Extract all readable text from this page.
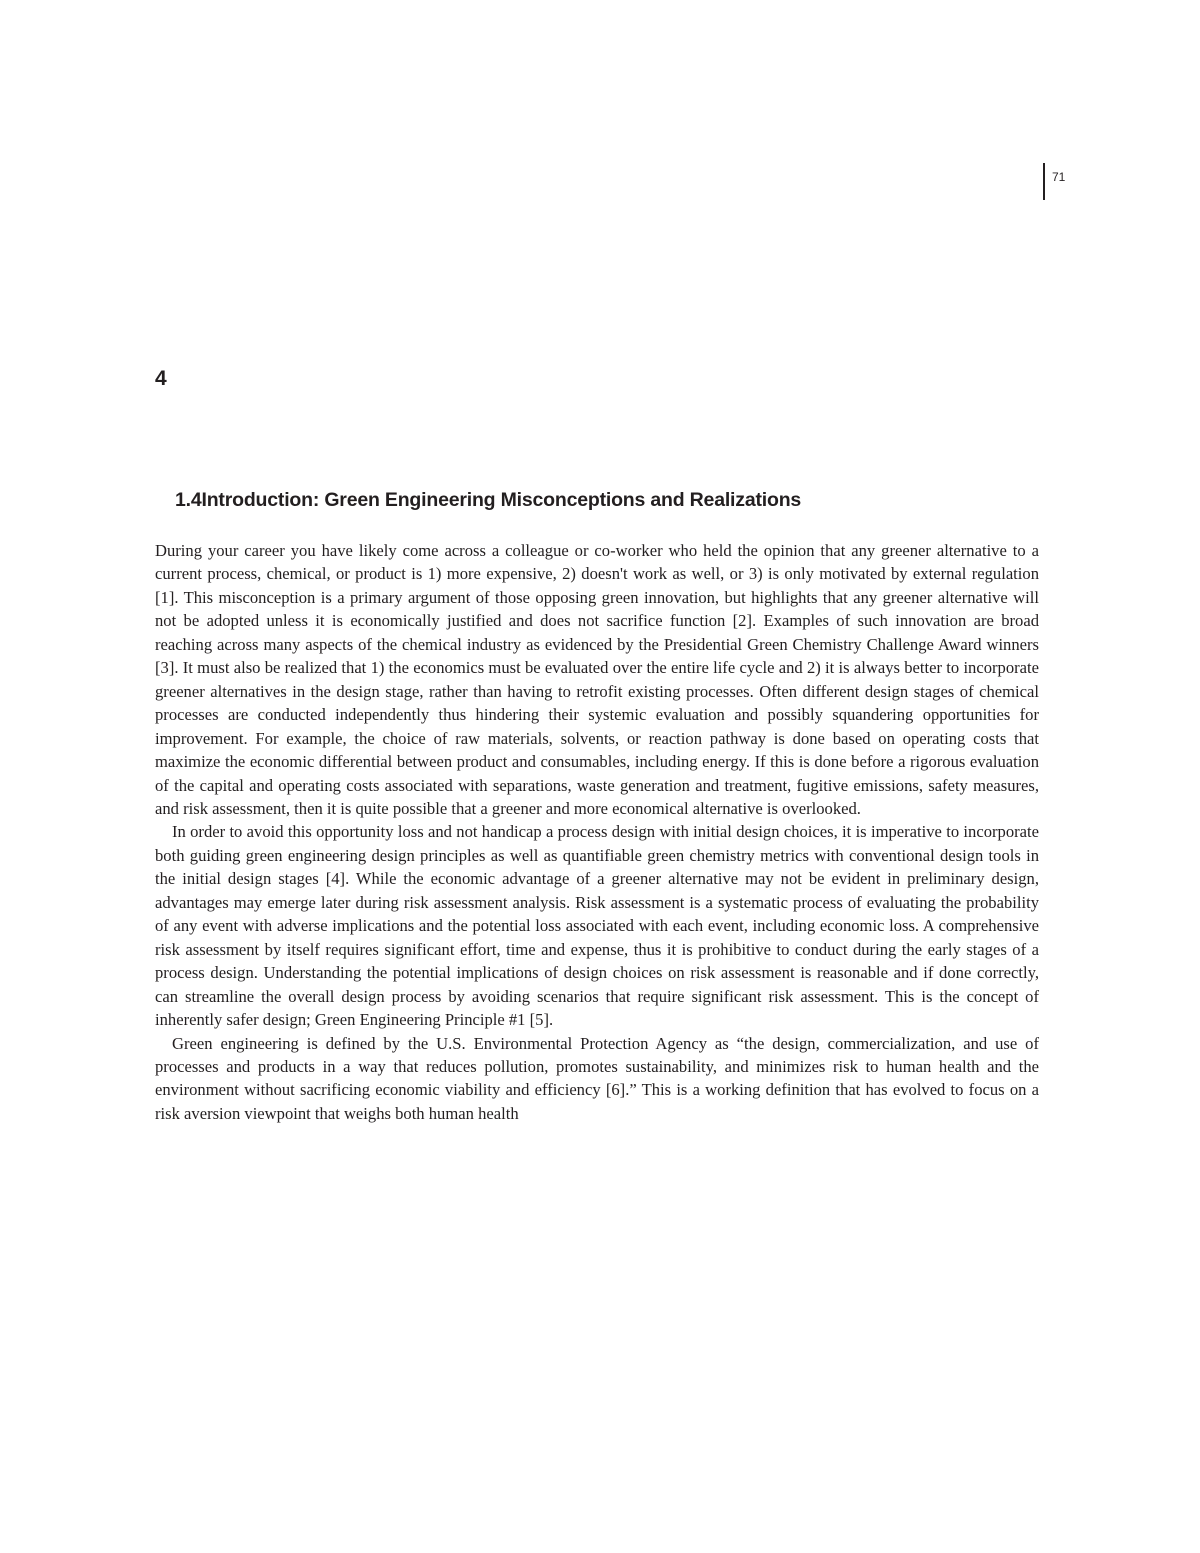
71
4
1.4Introduction: Green Engineering Misconceptions and Realizations

During your career you have likely come across a colleague or co-worker who held the opinion that any greener alternative to a current process, chemical, or product is 1) more expensive, 2) doesn't work as well, or 3) is only motivated by external regulation [1]. This misconception is a primary argument of those opposing green innovation, but highlights that any greener alternative will not be adopted unless it is economically justified and does not sacrifice function [2]. Examples of such innovation are broad reaching across many aspects of the chemical industry as evidenced by the Presidential Green Chemistry Challenge Award winners [3]. It must also be realized that 1) the economics must be evaluated over the entire life cycle and 2) it is always better to incorporate greener alternatives in the design stage, rather than having to retrofit existing processes. Often different design stages of chemical processes are conducted independently thus hindering their systemic evaluation and possibly squandering opportunities for improvement. For example, the choice of raw materials, solvents, or reaction pathway is done based on operating costs that maximize the economic differential between product and consumables, including energy. If this is done before a rigorous evaluation of the capital and operating costs associated with separations, waste generation and treatment, fugitive emissions, safety measures, and risk assessment, then it is quite possible that a greener and more economical alternative is overlooked.

In order to avoid this opportunity loss and not handicap a process design with initial design choices, it is imperative to incorporate both guiding green engineering design principles as well as quantifiable green chemistry metrics with conventional design tools in the initial design stages [4]. While the economic advantage of a greener alternative may not be evident in preliminary design, advantages may emerge later during risk assessment analysis. Risk assessment is a systematic process of evaluating the probability of any event with adverse implications and the potential loss associated with each event, including economic loss. A comprehensive risk assessment by itself requires significant effort, time and expense, thus it is prohibitive to conduct during the early stages of a process design. Understanding the potential implications of design choices on risk assessment is reasonable and if done correctly, can streamline the overall design process by avoiding scenarios that require significant risk assessment. This is the concept of inherently safer design; Green Engineering Principle #1 [5].

Green engineering is defined by the U.S. Environmental Protection Agency as “the design, commercialization, and use of processes and products in a way that reduces pollution, promotes sustainability, and minimizes risk to human health and the environment without sacrificing economic viability and efficiency [6].” This is a working definition that has evolved to focus on a risk aversion viewpoint that weighs both human health
